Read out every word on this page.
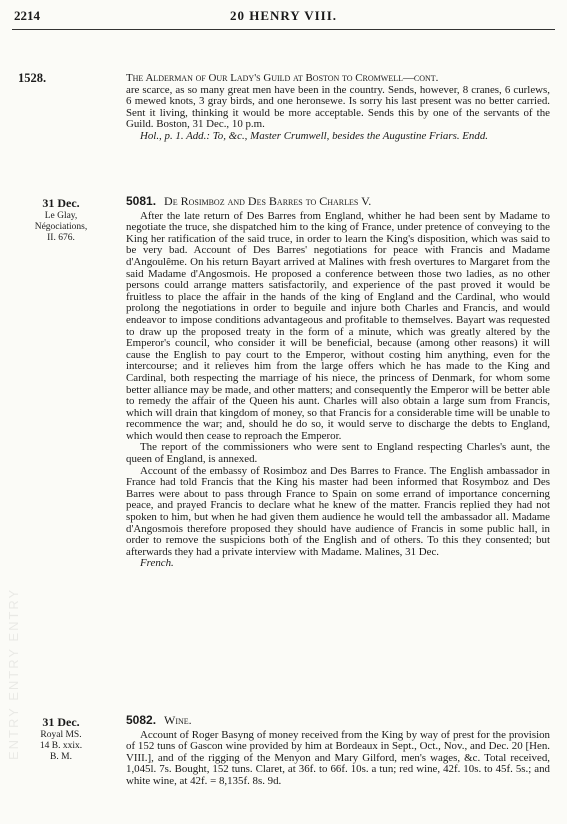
ENTRY ENTRY ENTRY
2214	20 HENRY VIII.
1528.	The Alderman of Our Lady's Guild at Boston to Cromwell—cont.

are scarce, as so many great men have been in the country. Sends, however, 8 cranes, 6 curlews, 6 mewed knots, 3 gray birds, and one heronsewe. Is sorry his last present was no better carried. Sent it living, thinking it would be more acceptable. Sends this by one of the servants of the Guild. Boston, 31 Dec., 10 p.m.

Hol., p. 1. Add.: To, &c., Master Crumwell, besides the Augustine Friars. Endd.

31 Dec.
Le Glay,
Négociations,
II. 676.
5081. De Rosimboz and Des Barres to Charles V.

After the late return of Des Barres from England, whither he had been sent by Madame to negotiate the truce, she dispatched him to the king of France, under pretence of conveying to the King her ratification of the said truce, in order to learn the King's disposition, which was said to be very bad. Account of Des Barres' negotiations for peace with Francis and Madame d'Angoulême. On his return Bayart arrived at Malines with fresh overtures to Margaret from the said Madame d'Angosmois. He proposed a conference between those two ladies, as no other persons could arrange matters satisfactorily, and experience of the past proved it would be fruitless to place the affair in the hands of the king of England and the Cardinal, who would prolong the negotiations in order to beguile and injure both Charles and Francis, and would endeavor to impose conditions advantageous and profitable to themselves. Bayart was requested to draw up the proposed treaty in the form of a minute, which was greatly altered by the Emperor's council, who consider it will be beneficial, because (among other reasons) it will cause the English to pay court to the Emperor, without costing him anything, even for the intercourse; and it relieves him from the large offers which he has made to the King and Cardinal, both respecting the marriage of his niece, the princess of Denmark, for whom some better alliance may be made, and other matters; and consequently the Emperor will be better able to remedy the affair of the Queen his aunt. Charles will also obtain a large sum from Francis, which will drain that kingdom of money, so that Francis for a considerable time will be unable to recommence the war; and, should he do so, it would serve to discharge the debts to England, which would then cease to reproach the Emperor.

The report of the commissioners who were sent to England respecting Charles's aunt, the queen of England, is annexed.

Account of the embassy of Rosimboz and Des Barres to France. The English ambassador in France had told Francis that the King his master had been informed that Rosymboz and Des Barres were about to pass through France to Spain on some errand of importance concerning peace, and prayed Francis to declare what he knew of the matter. Francis replied they had not spoken to him, but when he had given them audience he would tell the ambassador all. Madame d'Angosmois therefore proposed they should have audience of Francis in some public hall, in order to remove the suspicions both of the English and of others. To this they consented; but afterwards they had a private interview with Madame. Malines, 31 Dec.

French.

31 Dec.
Royal MS.
14 B. xxix.
B. M.
5082. Wine.

Account of Roger Basyng of money received from the King by way of prest for the provision of 152 tuns of Gascon wine provided by him at Bordeaux in Sept., Oct., Nov., and Dec. 20 [Hen. VIII.], and of the rigging of the Menyon and Mary Gilford, men's wages, &c. Total received, 1,045l. 7s. Bought, 152 tuns. Claret, at 36f. to 66f. 10s. a tun; red wine, 42f. 10s. to 45f. 5s.; and white wine, at 42f. = 8,135f. 8s. 9d.
